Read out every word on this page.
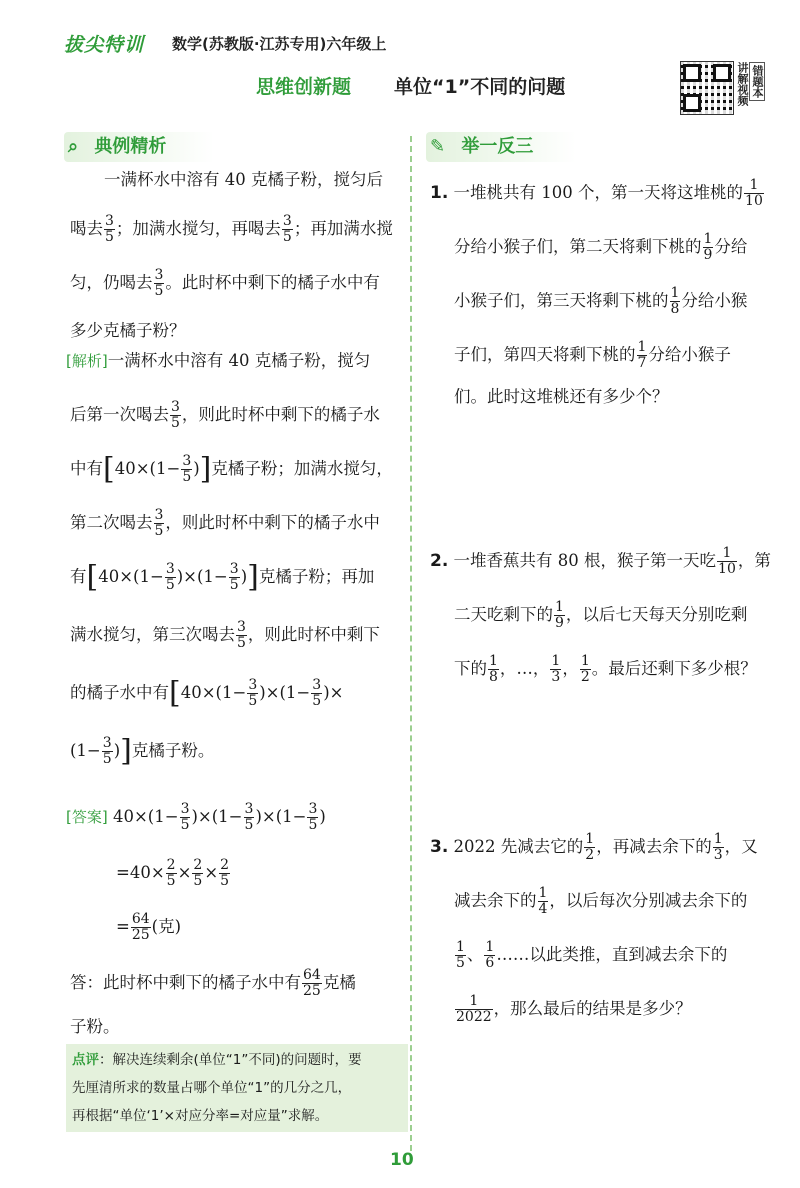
拔尖特训 数学(苏教版·江苏专用)六年级上
思维创新题 单位“1”不同的问题	讲解视频 错题本
⌕ 典例精析
一满杯水中溶有 40 克橘子粉，搅匀后
喝去 $\frac{3}{5}$ ；加满水搅匀，再喝去 $\frac{3}{5}$ ；再加满水搅
匀，仍喝去 $\frac{3}{5}$ 。此时杯中剩下的橘子水中有
多少克橘子粉？
[解析]一满杯水中溶有 40 克橘子粉，搅匀
后第一次喝去 $\frac{3}{5}$ ，则此时杯中剩下的橘子水
中有[$40\times(1- \frac{3}{5}$ )]克橘子粉；加满水搅匀，
第二次喝去 $\frac{3}{5}$ ，则此时杯中剩下的橘子水中
有[$40\times(1- \frac{3}{5} )\times(1- \frac{3}{5}$ )]克橘子粉；再加
满水搅匀，第三次喝去 $\frac{3}{5}$ ，则此时杯中剩下
的橘子水中有[$40\times(1- \frac{3}{5} )\times(1- \frac{3}{5}$ )×
($1- \frac{3}{5}$ )]克橘子粉。
[答案] $40\times(1- \frac{3}{5} )\times(1- \frac{3}{5} )\times(1- \frac{3}{5}$ )
$=40\times \frac{2}{5} \times \frac{2}{5} \times \frac{2}{5}$
= $\frac{64}{25}$ (克)
答：此时杯中剩下的橘子水中有 $\frac{64}{25}$ 克橘
子粉。
点评：解决连续剩余(单位“1”不同)的问题时，要
先厘清所求的数量占哪个单位“1”的几分之几，
再根据“单位‘1’×对应分率=对应量”求解。
✎ 举一反三
1. 一堆桃共有 100 个，第一天将这堆桃的 $\frac{1}{10}$
分给小猴子们，第二天将剩下桃的 $\frac{1}{9}$ 分给
小猴子们，第三天将剩下桃的 $\frac{1}{8}$ 分给小猴
子们，第四天将剩下桃的 $\frac{1}{7}$ 分给小猴子
们。此时这堆桃还有多少个？
2. 一堆香蕉共有 80 根，猴子第一天吃 $\frac{1}{10}$ ，第
二天吃剩下的 $\frac{1}{9}$ ，以后七天每天分别吃剩
下的 $\frac{1}{8}$ ，…， $\frac{1}{3}$ ， $\frac{1}{2}$ 。最后还剩下多少根？
3. 2022 先减去它的 $\frac{1}{2}$ ，再减去余下的 $\frac{1}{3}$ ，又
减去余下的 $\frac{1}{4}$ ，以后每次分别减去余下的
$\frac{1}{5}$ 、 $\frac{1}{6}$ ……以此类推，直到减去余下的
$\frac{1}{2022}$ ，那么最后的结果是多少？
10
